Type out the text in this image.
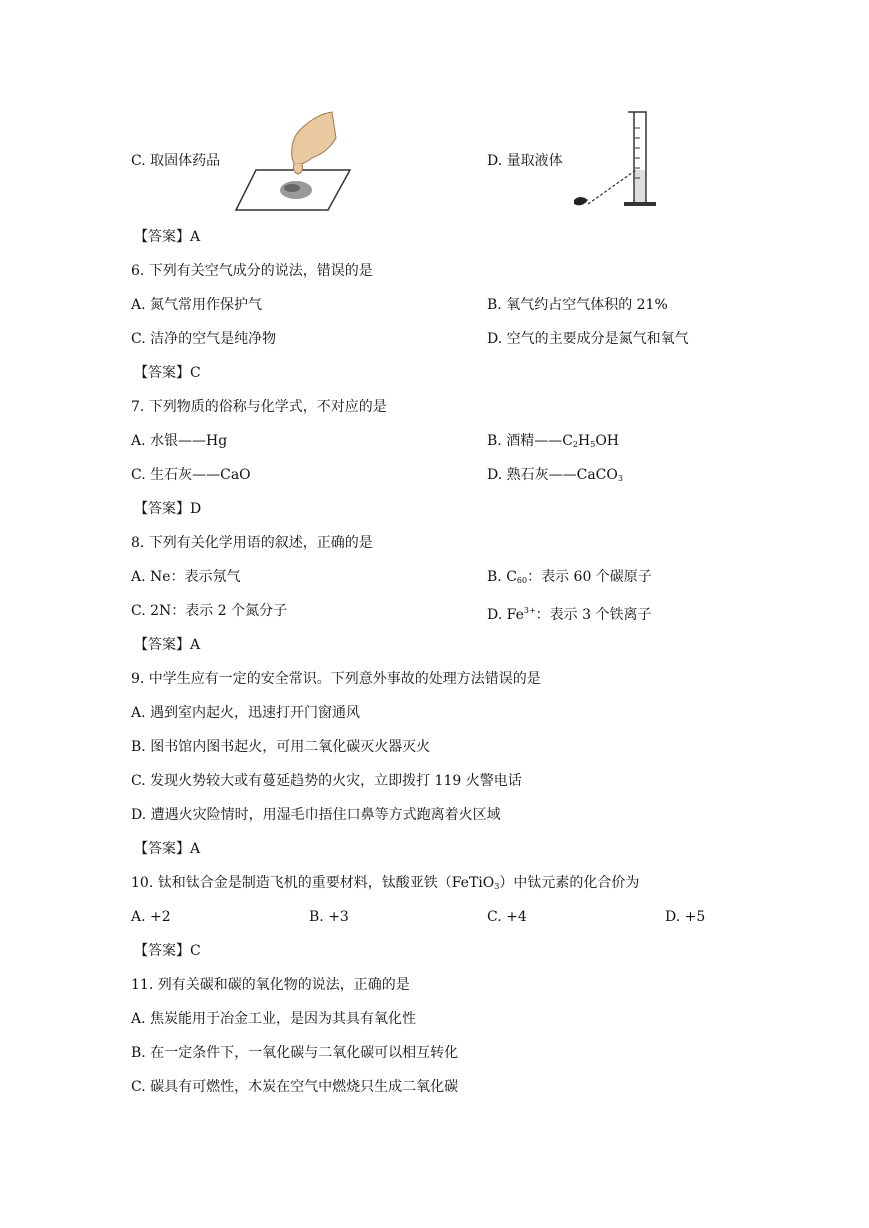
C. 取固体药品	D. 量取液体
【答案】A
6. 下列有关空气成分的说法，错误的是
A. 氮气常用作保护气	B. 氧气约占空气体积的 21%
C. 洁净的空气是纯净物	D. 空气的主要成分是氮气和氧气
【答案】C
7. 下列物质的俗称与化学式，不对应的是
A. 水银——Hg	B. 酒精$——C_2H_5OH$
C. 生石灰——CaO	D. 熟石灰——CaCO$_3$
【答案】D
8. 下列有关化学用语的叙述，正确的是
A. Ne：表示氖气	B. $C_{60}$：表示 60 个碳原子
C. 2N：表示 2 个氮分子	D. $Fe^{3+}$：表示 3 个铁离子
【答案】A
9. 中学生应有一定的安全常识。下列意外事故的处理方法错误的是
A. 遇到室内起火，迅速打开门窗通风
B. 图书馆内图书起火，可用二氧化碳灭火器灭火
C. 发现火势较大或有蔓延趋势的火灾，立即拨打 119 火警电话
D. 遭遇火灾险情时，用湿毛巾捂住口鼻等方式跑离着火区域
【答案】A
10. 钛和钛合金是制造飞机的重要材料，钛酸亚铁（FeTiO$_3$）中钛元素的化合价为
A. +2	B. +3	C. +4	D. +5
【答案】C
11. 列有关碳和碳的氧化物的说法，正确的是
A. 焦炭能用于冶金工业，是因为其具有氧化性
B. 在一定条件下，一氧化碳与二氧化碳可以相互转化
C. 碳具有可燃性，木炭在空气中燃烧只生成二氧化碳
